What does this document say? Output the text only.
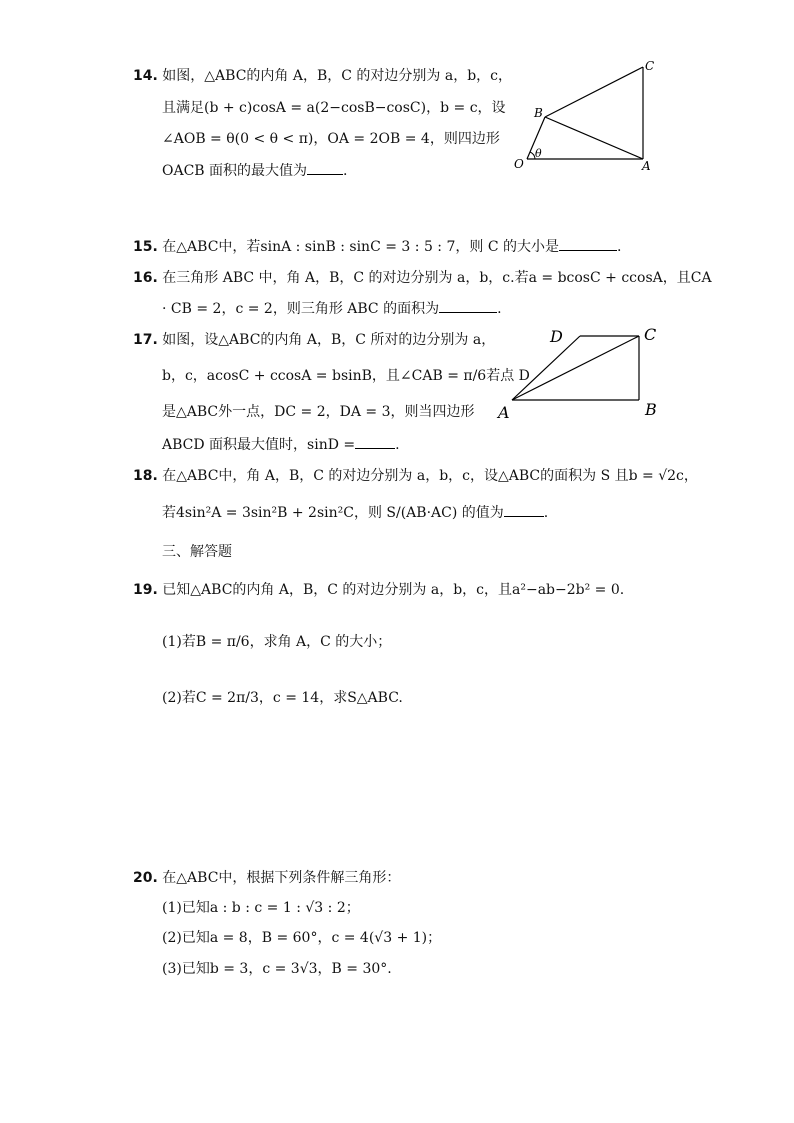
14. 如图，△ABC的内角 A，B，C 的对边分别为 a，b，c，
且满足(b + c)cosA = a(2−cosB−cosC)，b = c，设
∠AOB = θ(0 < θ < π)，OA = 2OB = 4，则四边形
OACB 面积的最大值为	.
C
B
O
θ
A
15. 在△ABC中，若sinA : sinB : sinC = 3 : 5 : 7，则 C 的大小是	.
16. 在三角形 ABC 中，角 A，B，C 的对边分别为 a，b，c.若a = bcosC + ccosA，且CA
· CB = 2，c = 2，则三角形 ABC 的面积为	.
17. 如图，设△ABC的内角 A，B，C 所对的边分别为 a，
b，c，acosC + ccosA = bsinB，且∠CAB = π/6若点 D
是△ABC外一点，DC = 2，DA = 3，则当四边形
ABCD 面积最大值时，sinD =	.
D	C
A	B
18. 在△ABC中，角 A，B，C 的对边分别为 a，b，c，设△ABC的面积为 S 且b = √2c，
若4sin²A = 3sin²B + 2sin²C，则 S/(AB·AC) 的值为	.
三、解答题
19. 已知△ABC的内角 A，B，C 的对边分别为 a，b，c，且a²−ab−2b² = 0.
(1)若B = π/6，求角 A，C 的大小；
(2)若C = 2π/3，c = 14，求S△ABC.
20. 在△ABC中，根据下列条件解三角形：
(1)已知a : b : c = 1 : √3 : 2；
(2)已知a = 8，B = 60°，c = 4(√3 + 1)；
(3)已知b = 3，c = 3√3，B = 30°.
